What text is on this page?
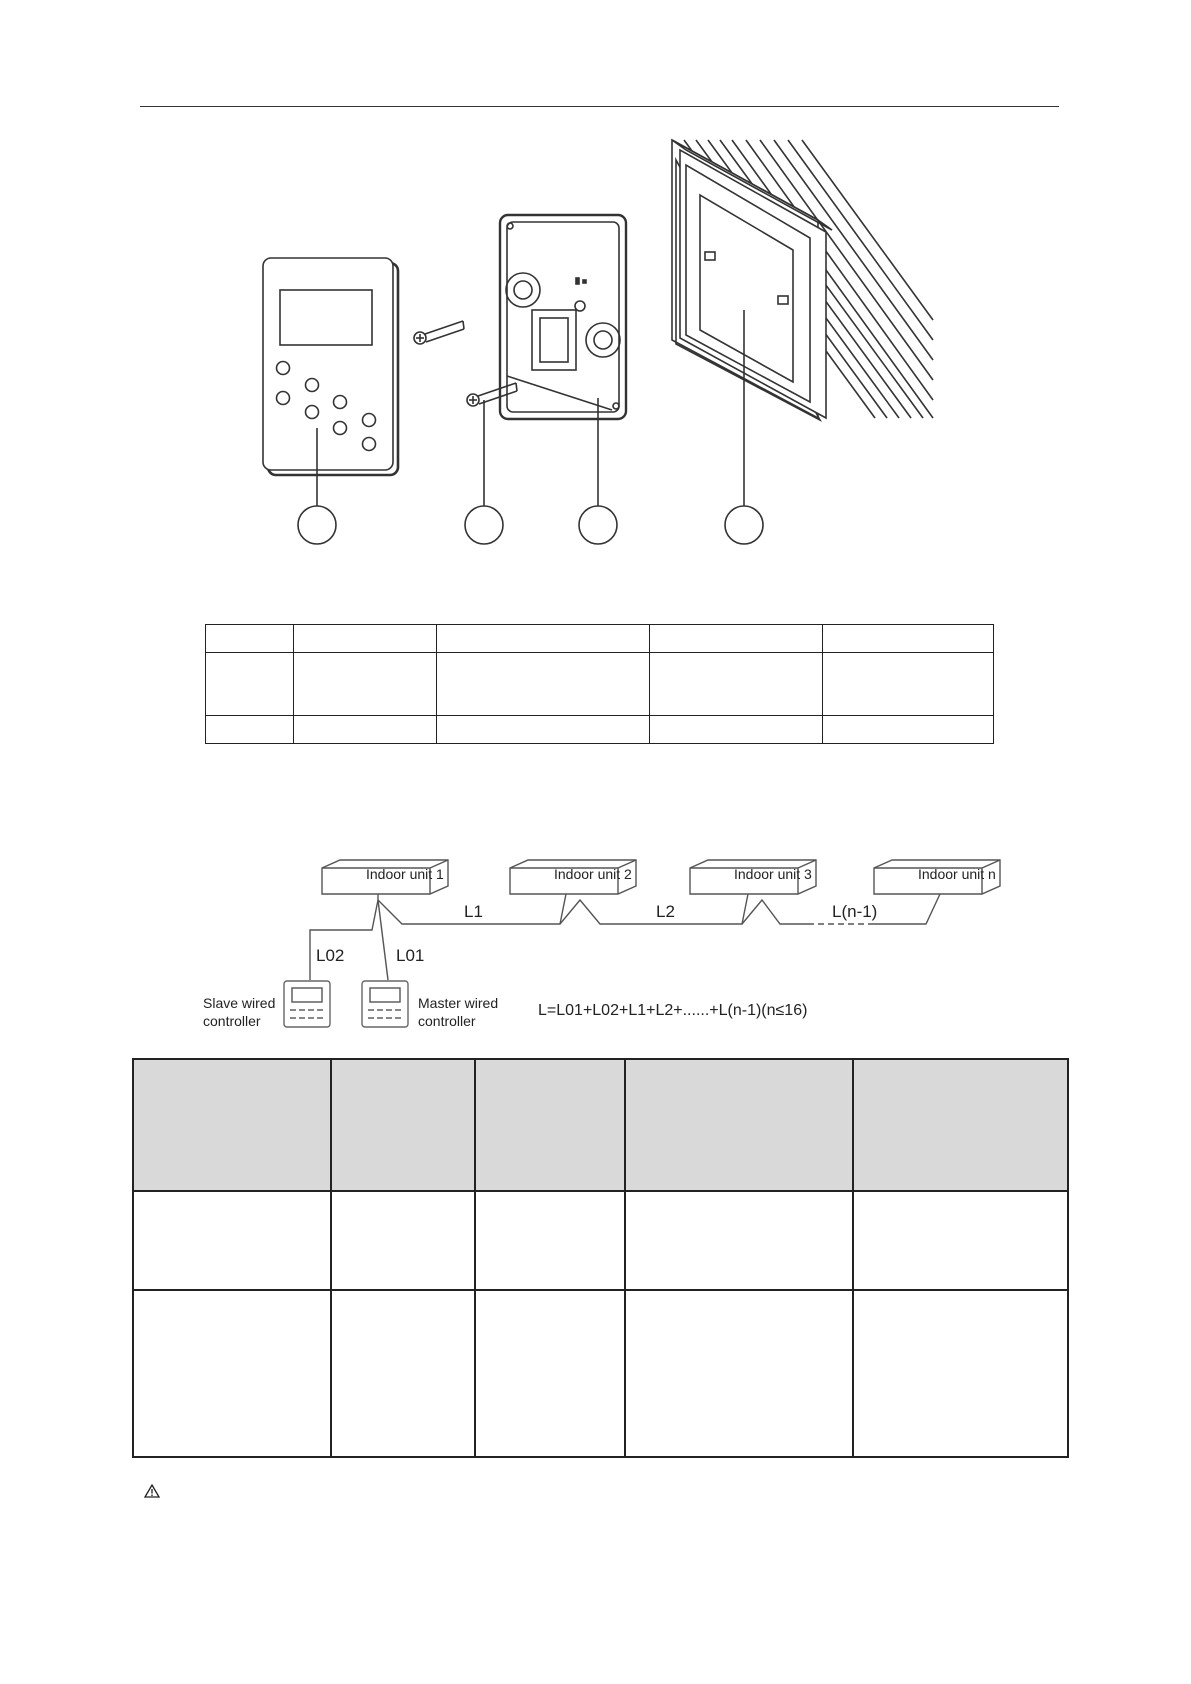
Indoor unit 1	Indoor unit 2	Indoor unit 3	Indoor unit n
L1	L2	L(n-1)
L02	L01
Slave wired
controller
Master wired
controller
L=L01+L02+L1+L2+......+L(n-1)(n≤16)
